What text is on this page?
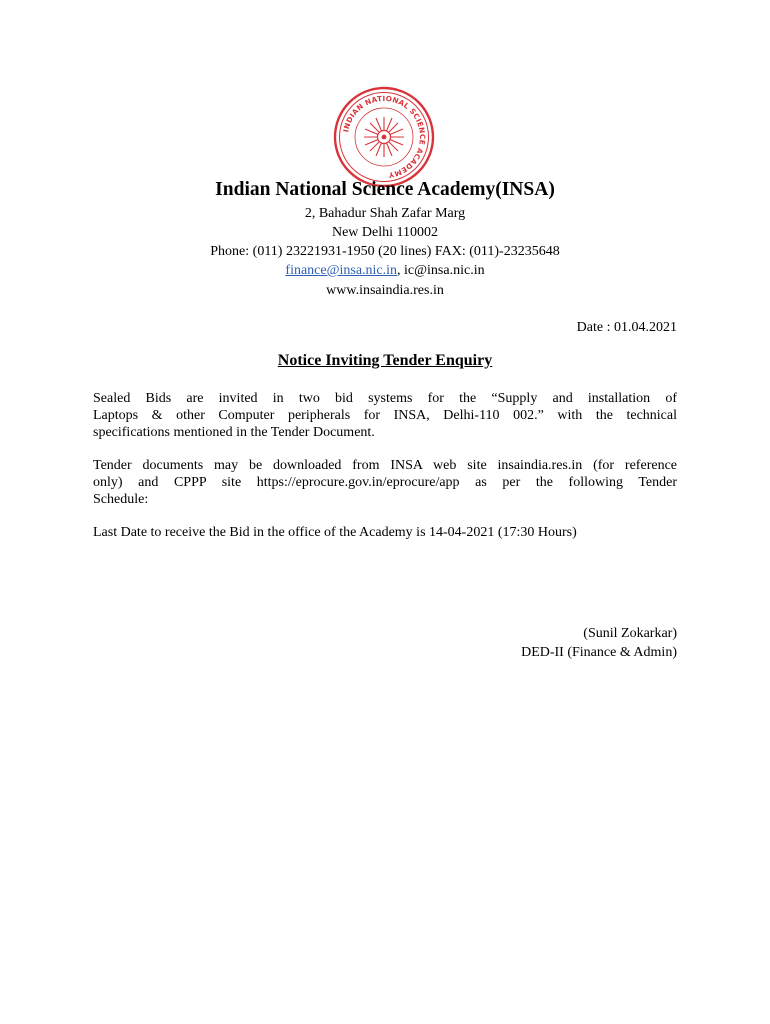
INDIAN NATIONAL SCIENCE ACADEMY
Indian National Science Academy(INSA)
2, Bahadur Shah Zafar Marg
New Delhi 110002
Phone: (011) 23221931-1950 (20 lines) FAX: (011)-23235648
finance@insa.nic.in, ic@insa.nic.in
www.insaindia.res.in
Date : 01.04.2021
Notice Inviting Tender Enquiry
Sealed Bids are invited in two bid systems for the “Supply and installation of
Laptops & other Computer peripherals for INSA, Delhi-110 002.” with the technical
specifications mentioned in the Tender Document.
Tender documents may be downloaded from INSA web site insaindia.res.in (for reference
only) and CPPP site https://eprocure.gov.in/eprocure/app as per the following Tender
Schedule:
Last Date to receive the Bid in the office of the Academy is 14-04-2021 (17:30 Hours)
(Sunil Zokarkar)
DED-II (Finance & Admin)
